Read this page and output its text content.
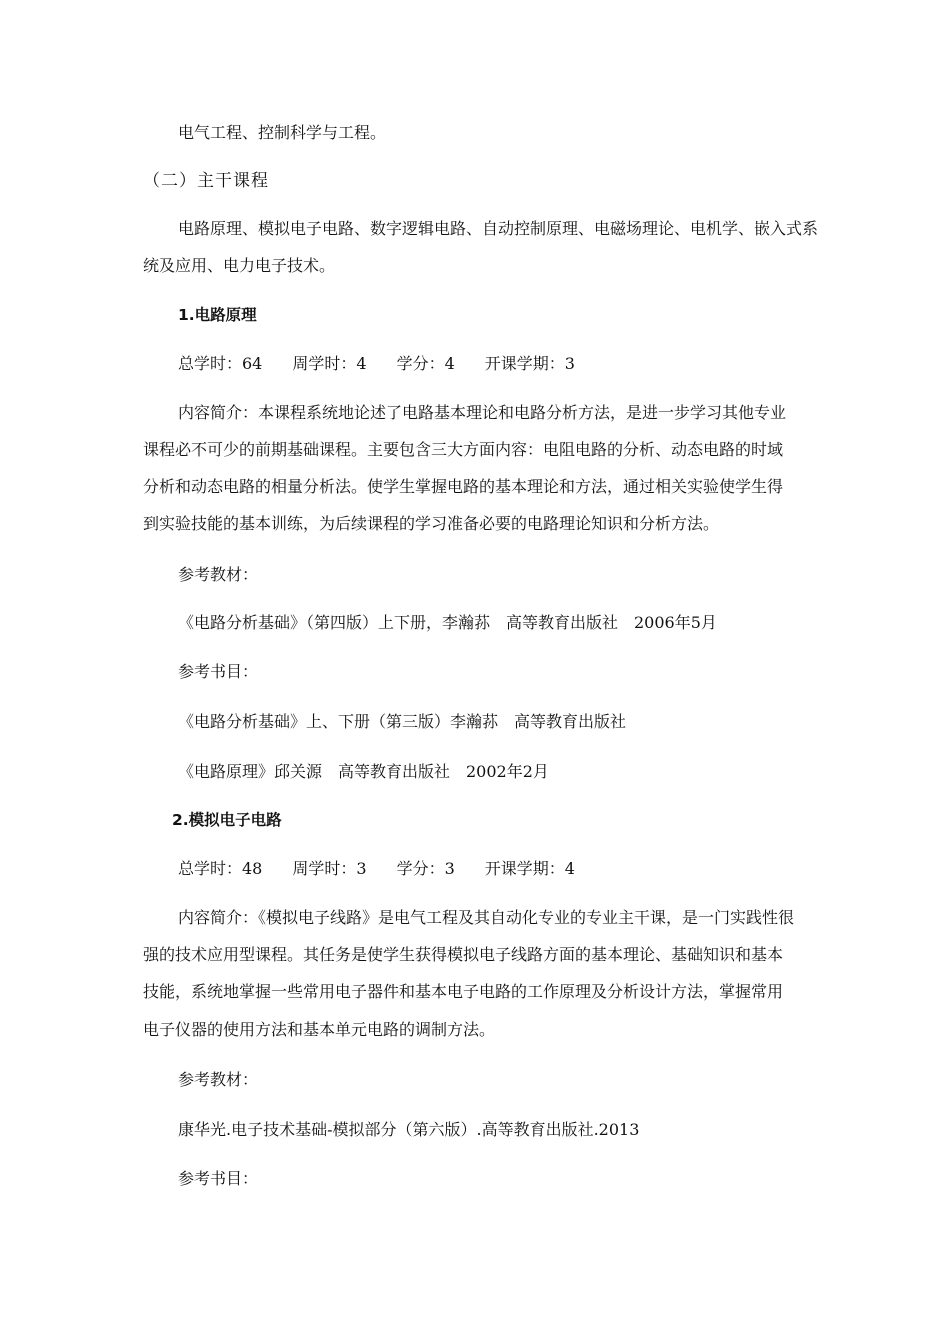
电气工程、控制科学与工程。
（二）主干课程
电路原理、模拟电子电路、数字逻辑电路、自动控制原理、电磁场理论、电机学、嵌入式系
统及应用、电力电子技术。
1.电路原理
总学时：64 周学时：4 学分：4 开课学期：3
内容简介：本课程系统地论述了电路基本理论和电路分析方法，是进一步学习其他专业
课程必不可少的前期基础课程。主要包含三大方面内容：电阻电路的分析、动态电路的时域
分析和动态电路的相量分析法。使学生掌握电路的基本理论和方法，通过相关实验使学生得
到实验技能的基本训练，为后续课程的学习准备必要的电路理论知识和分析方法。
参考教材：
《电路分析基础》（第四版）上下册，李瀚荪　高等教育出版社　2006年5月
参考书目：
《电路分析基础》上、下册（第三版）李瀚荪　高等教育出版社
《电路原理》邱关源　高等教育出版社　2002年2月
2.模拟电子电路
总学时：48 周学时：3 学分：3 开课学期：4
内容简介：《模拟电子线路》是电气工程及其自动化专业的专业主干课，是一门实践性很
强的技术应用型课程。其任务是使学生获得模拟电子线路方面的基本理论、基础知识和基本
技能，系统地掌握一些常用电子器件和基本电子电路的工作原理及分析设计方法，掌握常用
电子仪器的使用方法和基本单元电路的调制方法。
参考教材：
康华光.电子技术基础-模拟部分（第六版）.高等教育出版社.2013
参考书目：
